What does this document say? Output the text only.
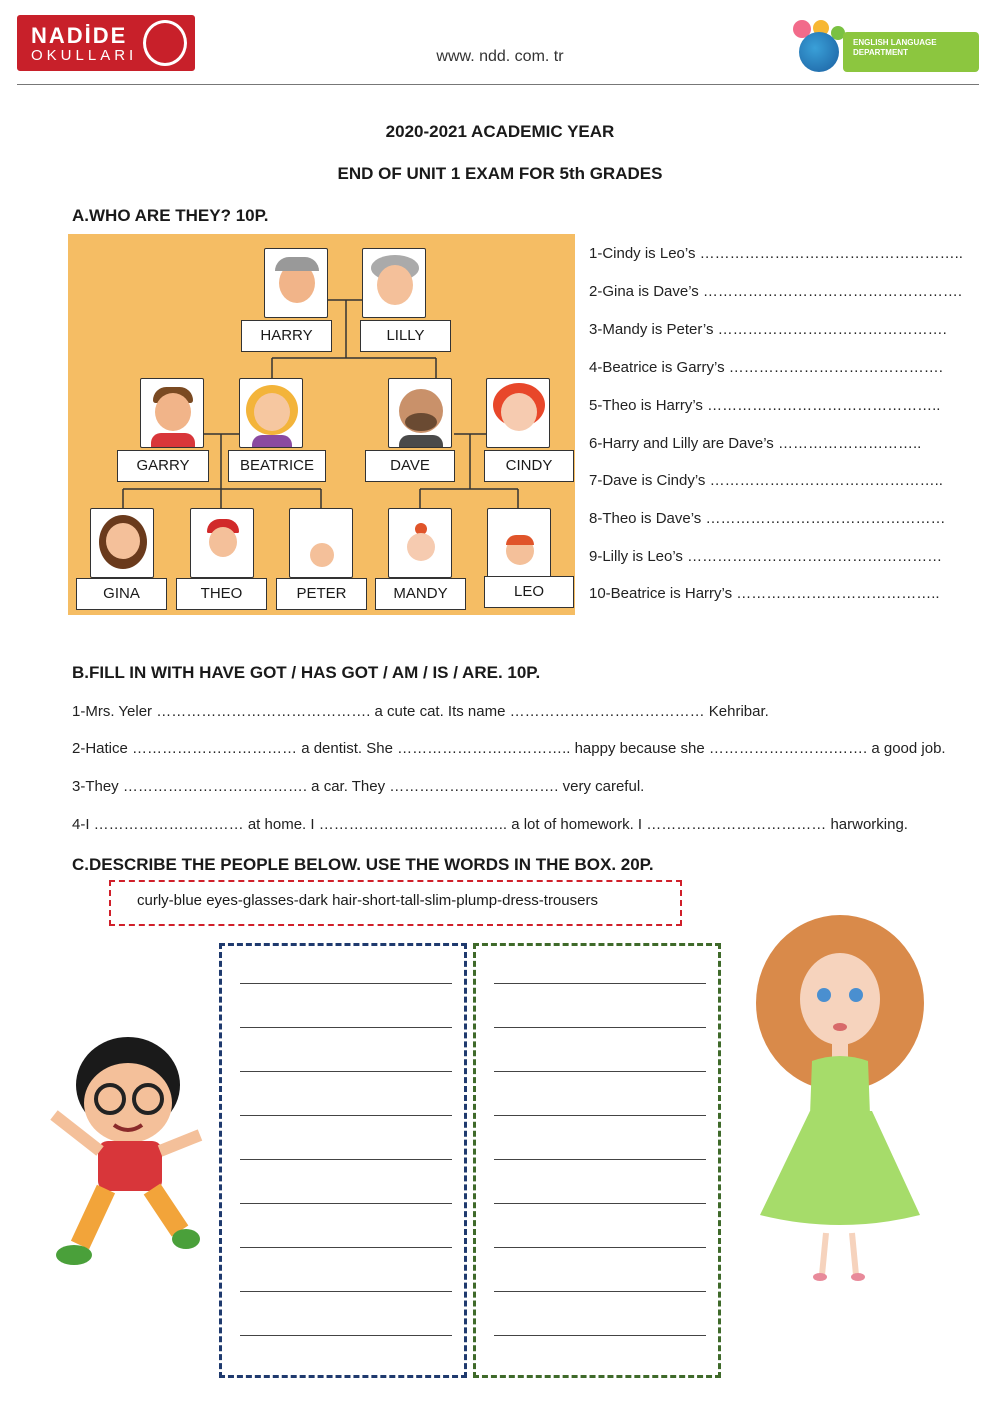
NADİDE
OKULLARI	www. ndd. com. tr
ENGLISH LANGUAGE
DEPARTMENT
2020-2021 ACADEMIC YEAR
END OF UNIT 1 EXAM FOR 5th GRADES
A.WHO ARE THEY? 10P.
HARRY	LILLY
GARRY	BEATRICE	DAVE	CINDY
GINA	THEO	PETER	MANDY	LEO
1-Cindy is Leo’s ……………………………………………..
2-Gina is Dave’s …………………………………………….
3-Mandy is Peter’s ……………………………………….
4-Beatrice is Garry’s …………………………………….
5-Theo is Harry’s ………………………………………..
6-Harry and Lilly are Dave’s ………………………..
7-Dave is Cindy’s ………………………………………..
8-Theo is Dave’s …………………………………………
9-Lilly is Leo’s ……………………………………………
10-Beatrice is Harry’s …………………………………..
B.FILL IN WITH HAVE GOT / HAS GOT / AM / IS / ARE. 10P.
1-Mrs. Yeler ……………………………………. a cute cat. Its name ………………………………… Kehribar.
2-Hatice …………………………… a dentist. She …………………………….. happy because she …………………….……. a good job.
3-They ………………………………. a car. They ……………………………. very careful.
4-I ………………………… at home. I ……………………………….. a lot of homework. I ……………………………… harworking.
C.DESCRIBE THE PEOPLE BELOW. USE THE WORDS IN THE BOX. 20P.
curly-blue eyes-glasses-dark hair-short-tall-slim-plump-dress-trousers
